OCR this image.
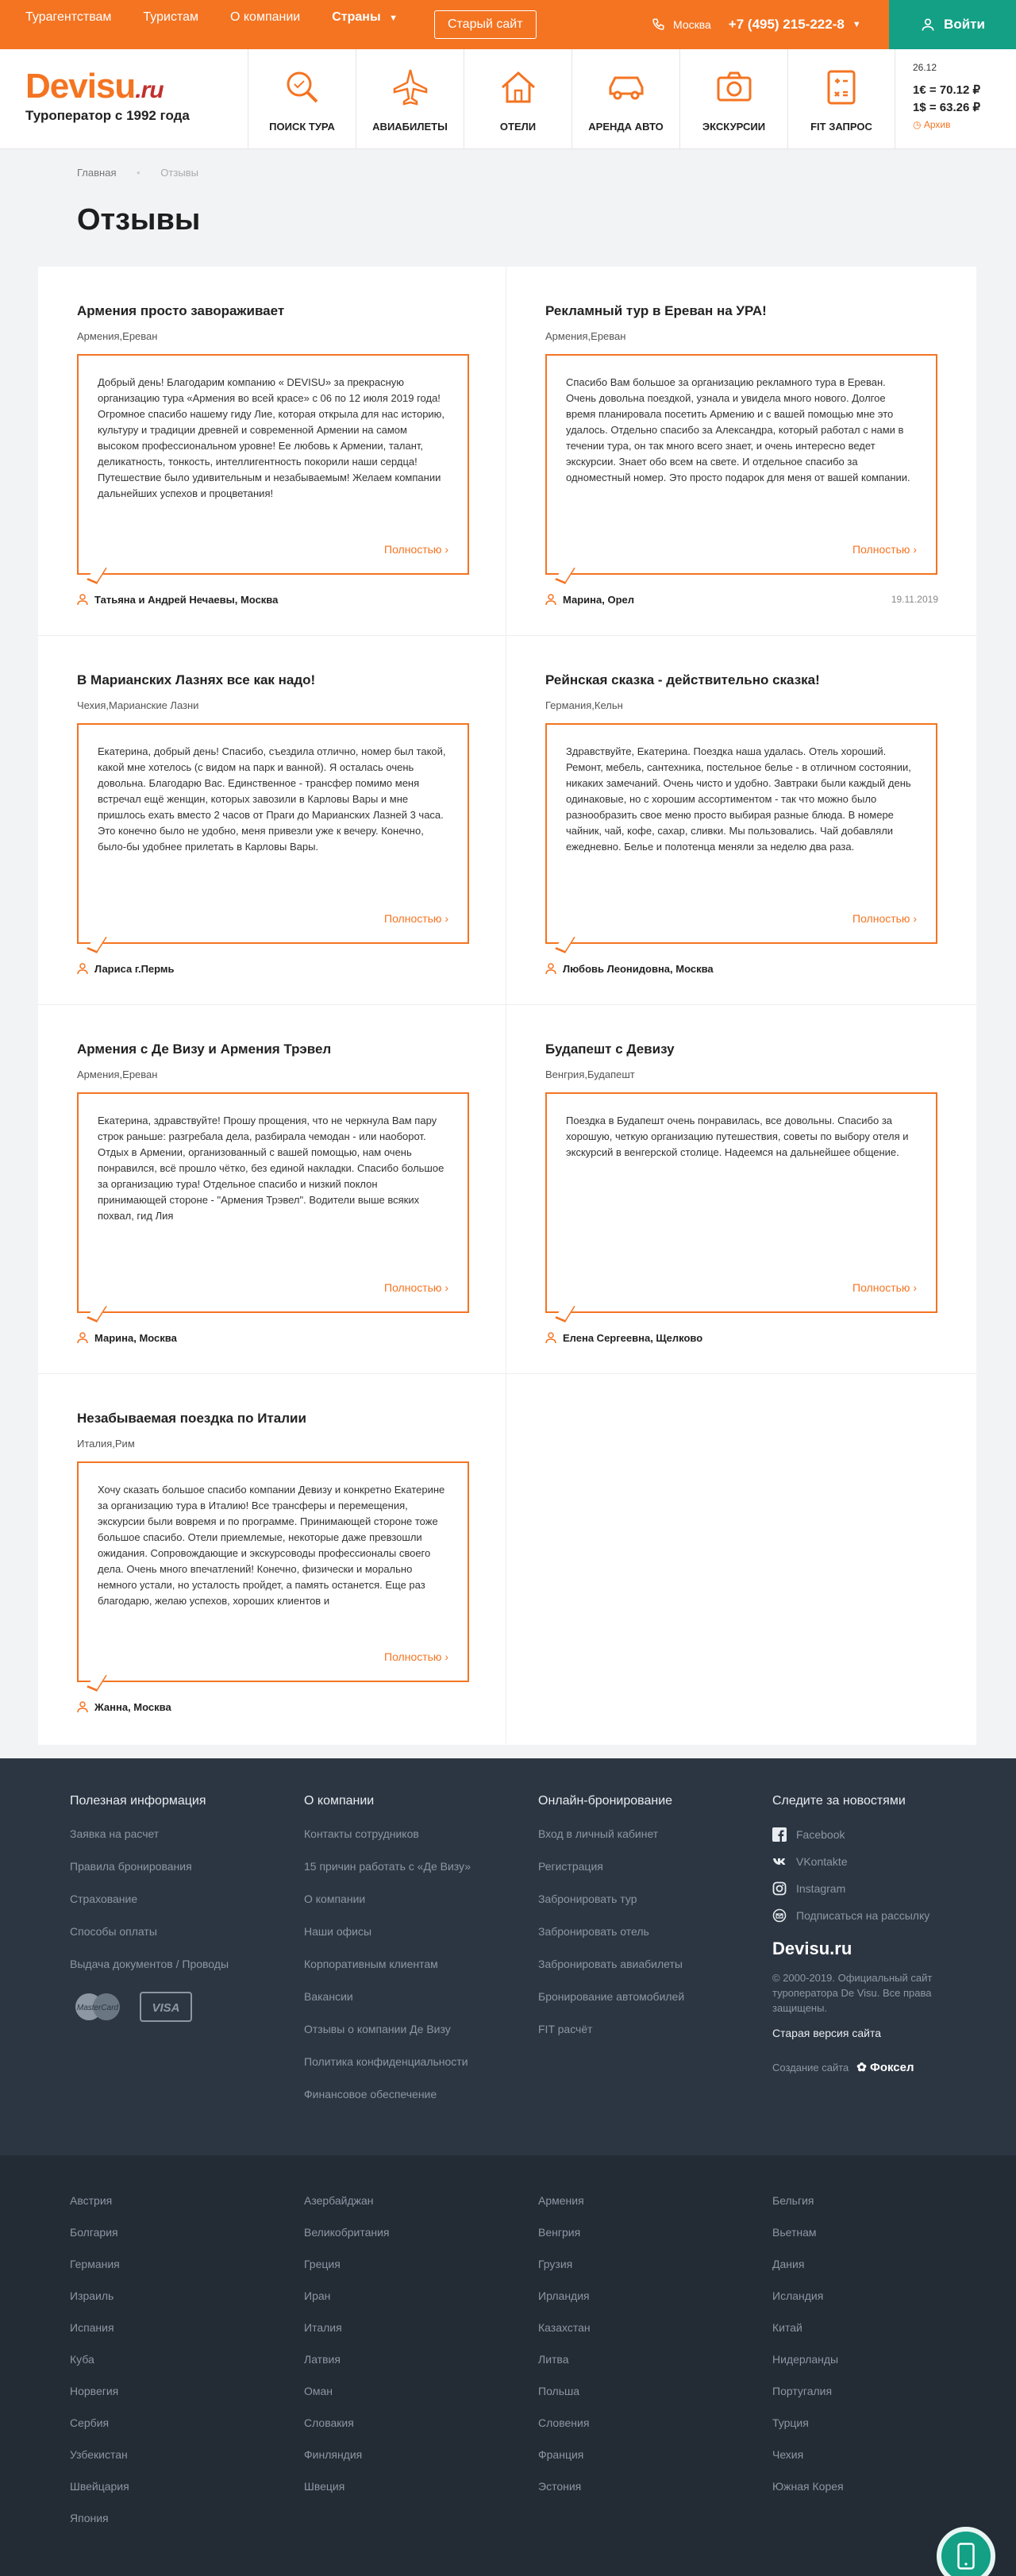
Турагентствам	Туристам	О компании	Страны ▼	Старый сайт	Москва +7 (495) 215-222-8 ▼	Войти
Devisu.ru
Туроператор с 1992 года
ПОИСК ТУРА	АВИАБИЛЕТЫ	ОТЕЛИ	АРЕНДА АВТО	ЭКСКУРСИИ	FIT ЗАПРОС
26.12
1€ = 70.12 ₽
1$ = 63.26 ₽
◷ Архив
Главная • Отзывы
Отзывы
Армения просто завораживает
Армения,Ереван

Добрый день! Благодарим компанию « DEVISU» за прекрасную организацию тура «Армения во всей красе» с 06 по 12 июля 2019 года! Огромное спасибо нашему гиду Лие, которая открыла для нас историю, культуру и традиции древней и современной Армении на самом высоком профессиональном уровне! Ее любовь к Армении, талант, деликатность, тонкость, интеллигентность покорили наши сердца! Путешествие было удивительным и незабываемым! Желаем компании дальнейших успехов и процветания!

Полностью ›
Татьяна и Андрей Нечаевы, Москва
Рекламный тур в Ереван на УРА!
Армения,Ереван

Спасибо Вам большое за организацию рекламного тура в Ереван. Очень довольна поездкой, узнала и увидела много нового. Долгое время планировала посетить Армению и с вашей помощью мне это удалось. Отдельно спасибо за Александра, который работал с нами в течении тура, он так много всего знает, и очень интересно ведет экскурсии. Знает обо всем на свете. И отдельное спасибо за одноместный номер. Это просто подарок для меня от вашей компании.

Полностью ›
Марина, Орел	19.11.2019
В Марианских Лазнях все как надо!
Чехия,Марианские Лазни

Екатерина, добрый день! Спасибо, съездила отлично, номер был такой, какой мне хотелось (с видом на парк и ванной). Я осталась очень довольна. Благодарю Вас. Единственное - трансфер помимо меня встречал ещё женщин, которых завозили в Карловы Вары и мне пришлось ехать вместо 2 часов от Праги до Марианских Лазней 3 часа. Это конечно было не удобно, меня привезли уже к вечеру. Конечно, было-бы удобнее прилетать в Карловы Вары.

Полностью ›
Лариса г.Пермь
Рейнская сказка - действительно сказка!
Германия,Кельн

Здравствуйте, Екатерина. Поездка наша удалась. Отель хороший. Ремонт, мебель, сантехника, постельное белье - в отличном состоянии, никаких замечаний. Очень чисто и удобно. Завтраки были каждый день одинаковые, но с хорошим ассортиментом - так что можно было разнообразить свое меню просто выбирая разные блюда. В номере чайник, чай, кофе, сахар, сливки. Мы пользовались. Чай добавляли ежедневно. Белье и полотенца меняли за неделю два раза.

Полностью ›
Любовь Леонидовна, Москва
Армения с Де Визу и Армения Трэвел
Армения,Ереван

Екатерина, здравствуйте! Прошу прощения, что не черкнула Вам пару строк раньше: разгребала дела, разбирала чемодан - или наоборот. Отдых в Армении, организованный с вашей помощью, нам очень понравился, всё прошло чётко, без единой накладки. Спасибо большое за организацию тура! Отдельное спасибо и низкий поклон принимающей стороне - "Армения Трэвел". Водители выше всяких похвал, гид Лия

Полностью ›
Марина, Москва
Будапешт с Девизу
Венгрия,Будапешт

Поездка в Будапешт очень понравилась, все довольны. Спасибо за хорошую, четкую организацию путешествия, советы по выбору отеля и экскурсий в венгерской столице. Надеемся на дальнейшее общение.

Полностью ›
Елена Сергеевна, Щелково
Незабываемая поездка по Италии
Италия,Рим

Хочу сказать большое спасибо компании Девизу и конкретно Екатерине за организацию тура в Италию! Все трансферы и перемещения, экскурсии были вовремя и по программе. Принимающей стороне тоже большое спасибо. Отели приемлемые, некоторые даже превзошли ожидания. Сопровождающие и экскурсоводы профессионалы своего дела. Очень много впечатлений! Конечно, физически и морально немного устали, но усталость пройдет, а память останется. Еще раз благодарю, желаю успехов, хороших клиентов и

Полностью ›
Жанна, Москва
Полезная информация
Заявка на расчет
Правила бронирования
Страхование
Способы оплаты
Выдача документов / Проводы
MasterCard	VISA
О компании
Контакты сотрудников
15 причин работать с «Де Визу»
О компании
Наши офисы
Корпоративным клиентам
Вакансии
Отзывы о компании Де Визу
Политика конфиденциальности
Финансовое обеспечение
Онлайн-бронирование
Вход в личный кабинет
Регистрация
Забронировать тур
Забронировать отель
Забронировать авиабилеты
Бронирование автомобилей
FIT расчёт
Следите за новостями
Facebook
VKontakte
Instagram
Подписаться на рассылку
Devisu.ru
© 2000-2019. Официальный сайт туроператора De Visu. Все права защищены.
Старая версия сайта
Создание сайта ✿ Фоксел
Австрия
Болгария
Германия
Израиль
Испания
Куба
Норвегия
Сербия
Узбекистан
Швейцария
Япония
Азербайджан
Великобритания
Греция
Иран
Италия
Латвия
Оман
Словакия
Финляндия
Швеция
Армения
Венгрия
Грузия
Ирландия
Казахстан
Литва
Польша
Словения
Франция
Эстония
Бельгия
Вьетнам
Дания
Исландия
Китай
Нидерланды
Португалия
Турция
Чехия
Южная Корея
